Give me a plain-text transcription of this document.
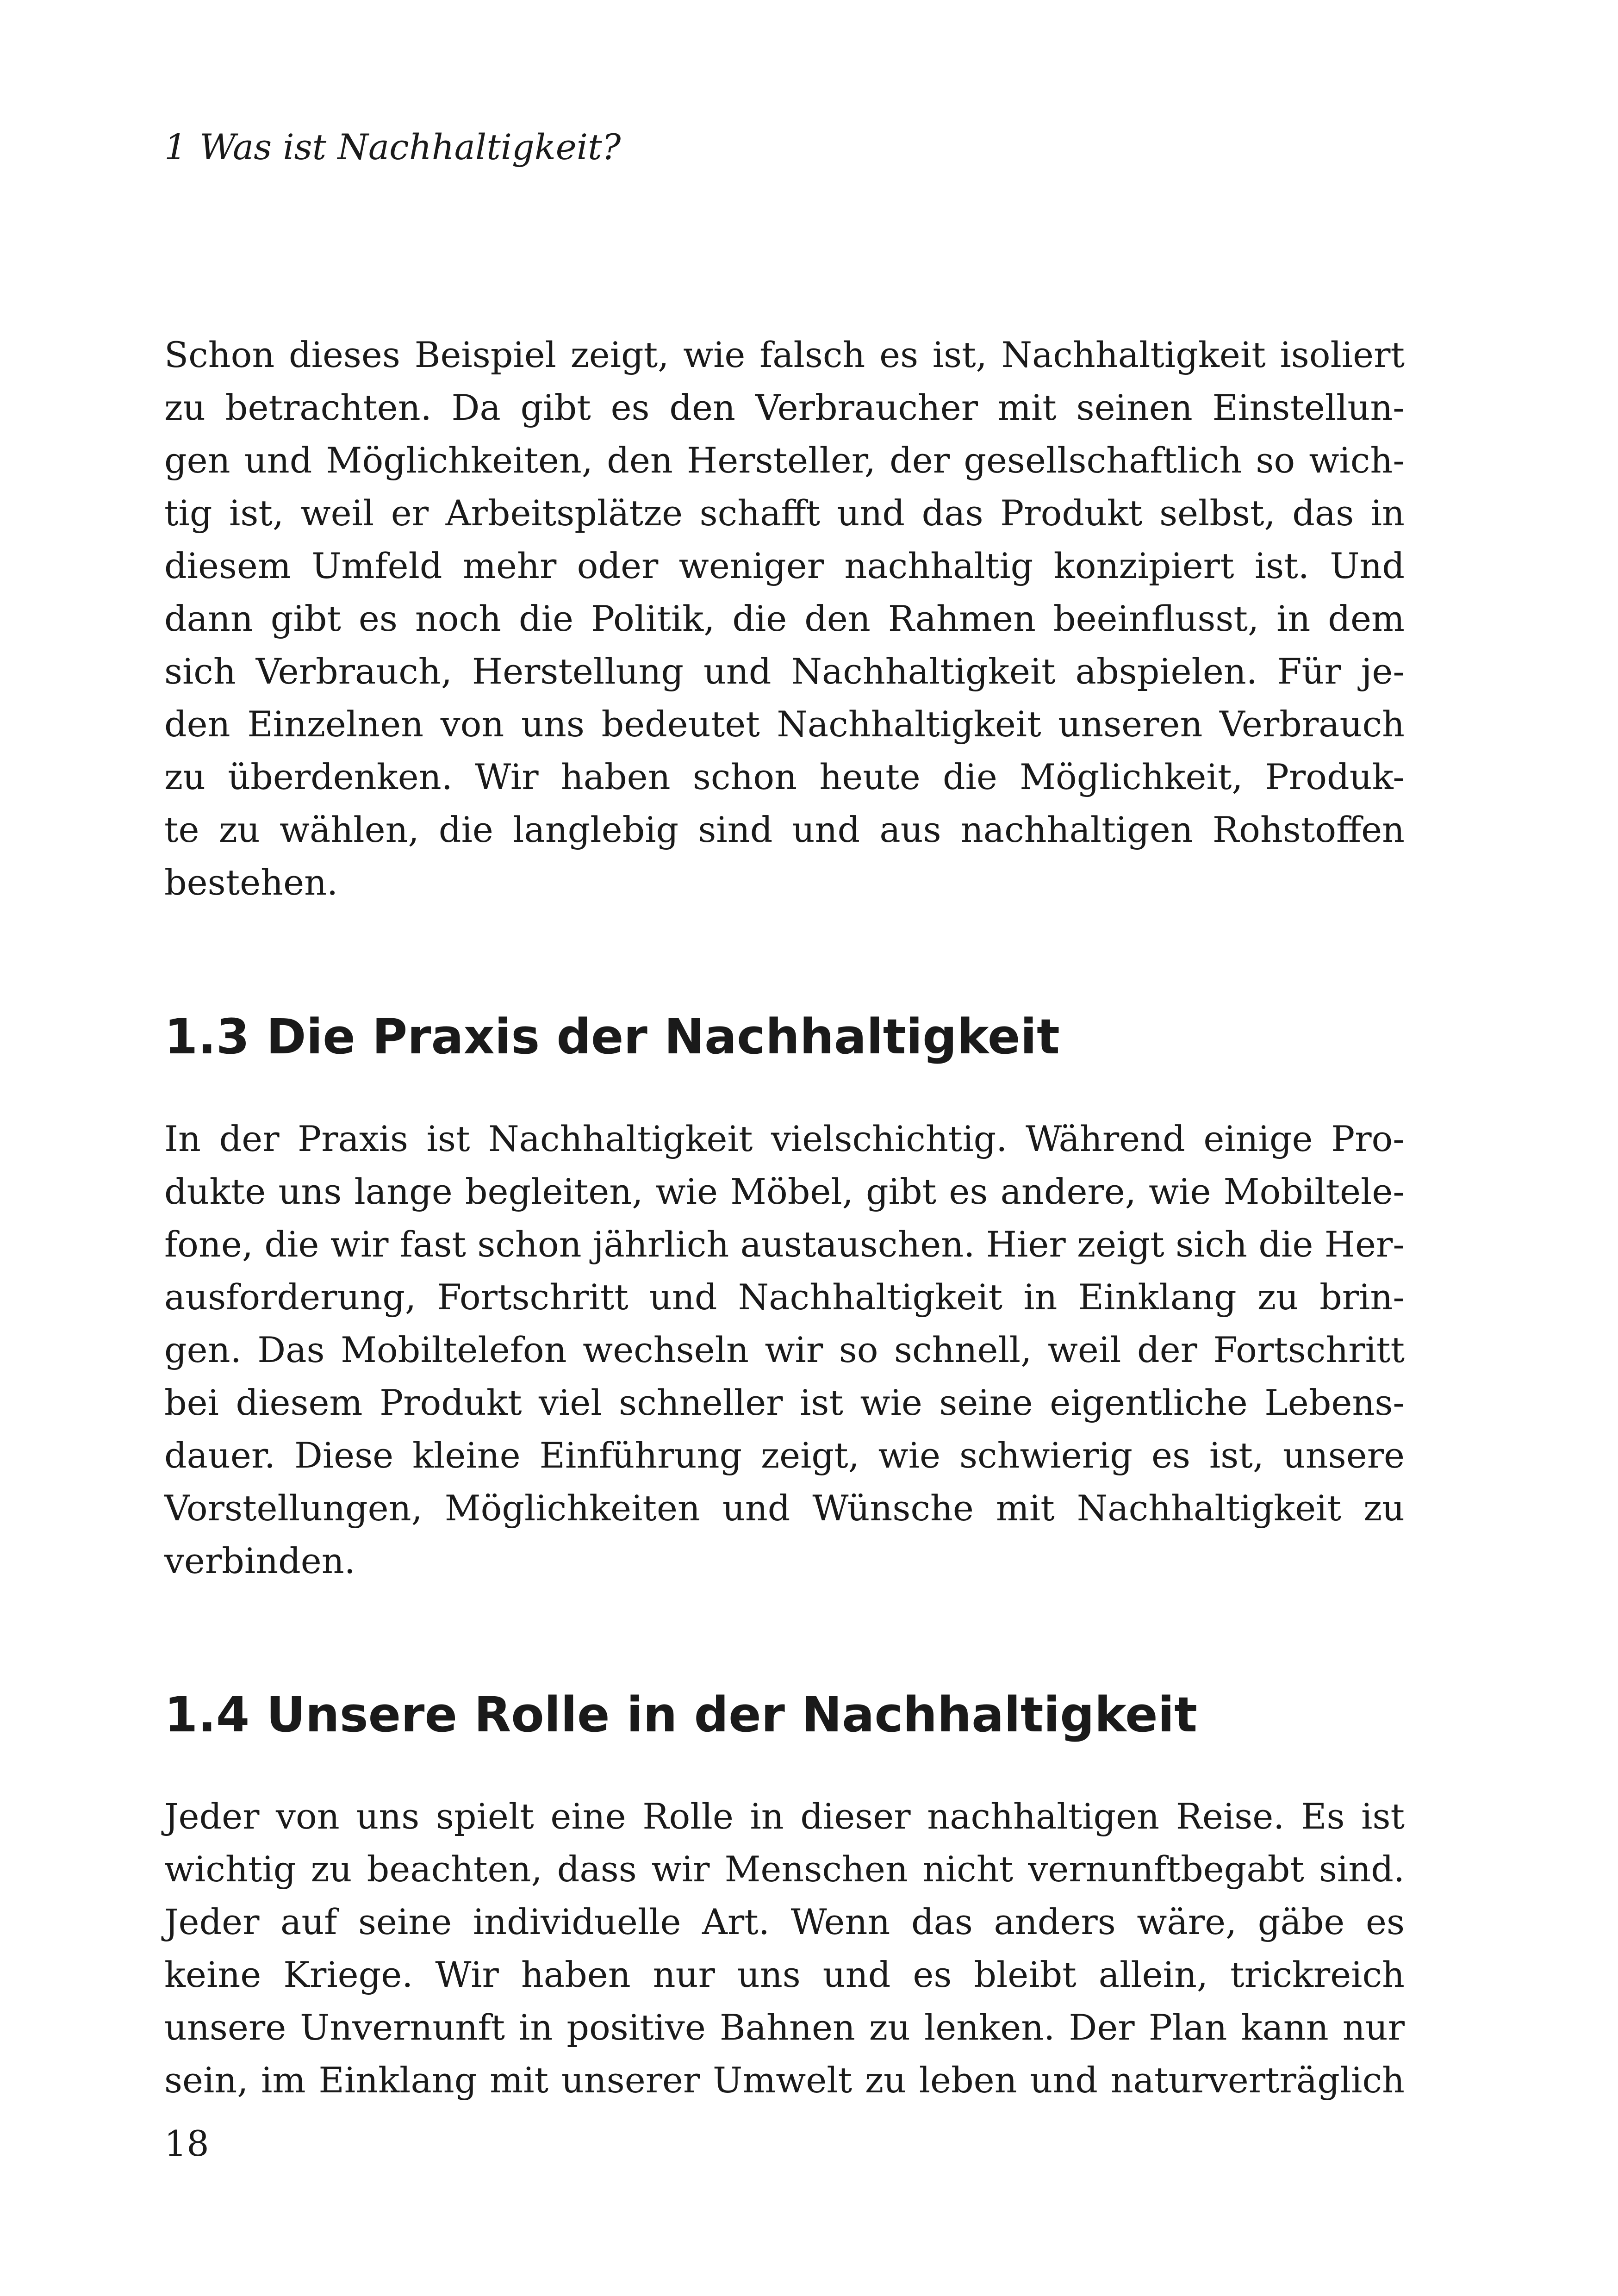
1 Was ist Nachhaltigkeit?
Schon dieses Beispiel zeigt, wie falsch es ist, Nachhaltigkeit isoliert
zu betrachten. Da gibt es den Verbraucher mit seinen Einstellun-
gen und Möglichkeiten, den Hersteller, der gesellschaftlich so wich-
tig ist, weil er Arbeitsplätze schafft und das Produkt selbst, das in
diesem Umfeld mehr oder weniger nachhaltig konzipiert ist. Und
dann gibt es noch die Politik, die den Rahmen beeinflusst, in dem
sich Verbrauch, Herstellung und Nachhaltigkeit abspielen. Für je-
den Einzelnen von uns bedeutet Nachhaltigkeit unseren Verbrauch
zu überdenken. Wir haben schon heute die Möglichkeit, Produk-
te zu wählen, die langlebig sind und aus nachhaltigen Rohstoffen
bestehen.
1.3 Die Praxis der Nachhaltigkeit
In der Praxis ist Nachhaltigkeit vielschichtig. Während einige Pro-
dukte uns lange begleiten, wie Möbel, gibt es andere, wie Mobiltele-
fone, die wir fast schon jährlich austauschen. Hier zeigt sich die Her-
ausforderung, Fortschritt und Nachhaltigkeit in Einklang zu brin-
gen. Das Mobiltelefon wechseln wir so schnell, weil der Fortschritt
bei diesem Produkt viel schneller ist wie seine eigentliche Lebens-
dauer. Diese kleine Einführung zeigt, wie schwierig es ist, unsere
Vorstellungen, Möglichkeiten und Wünsche mit Nachhaltigkeit zu
verbinden.
1.4 Unsere Rolle in der Nachhaltigkeit
Jeder von uns spielt eine Rolle in dieser nachhaltigen Reise. Es ist
wichtig zu beachten, dass wir Menschen nicht vernunftbegabt sind.
Jeder auf seine individuelle Art. Wenn das anders wäre, gäbe es
keine Kriege. Wir haben nur uns und es bleibt allein, trickreich
unsere Unvernunft in positive Bahnen zu lenken. Der Plan kann nur
sein, im Einklang mit unserer Umwelt zu leben und naturverträglich
18
